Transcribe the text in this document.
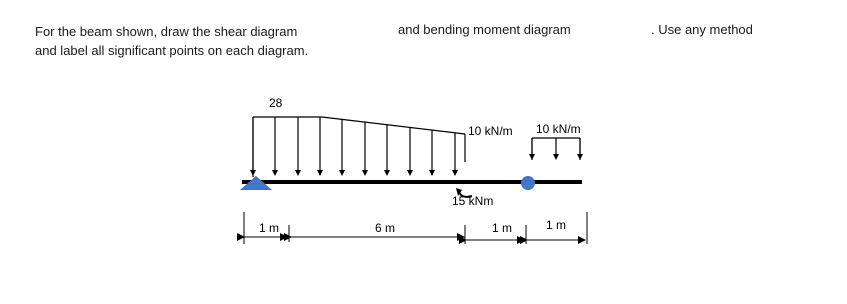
For the beam shown, draw the shear diagram
and label all significant points on each diagram.
and bending moment diagram	. Use any method
28
10 kN/m 10 kN/m
15 kNm
1 m	6 m	1 m	1 m
